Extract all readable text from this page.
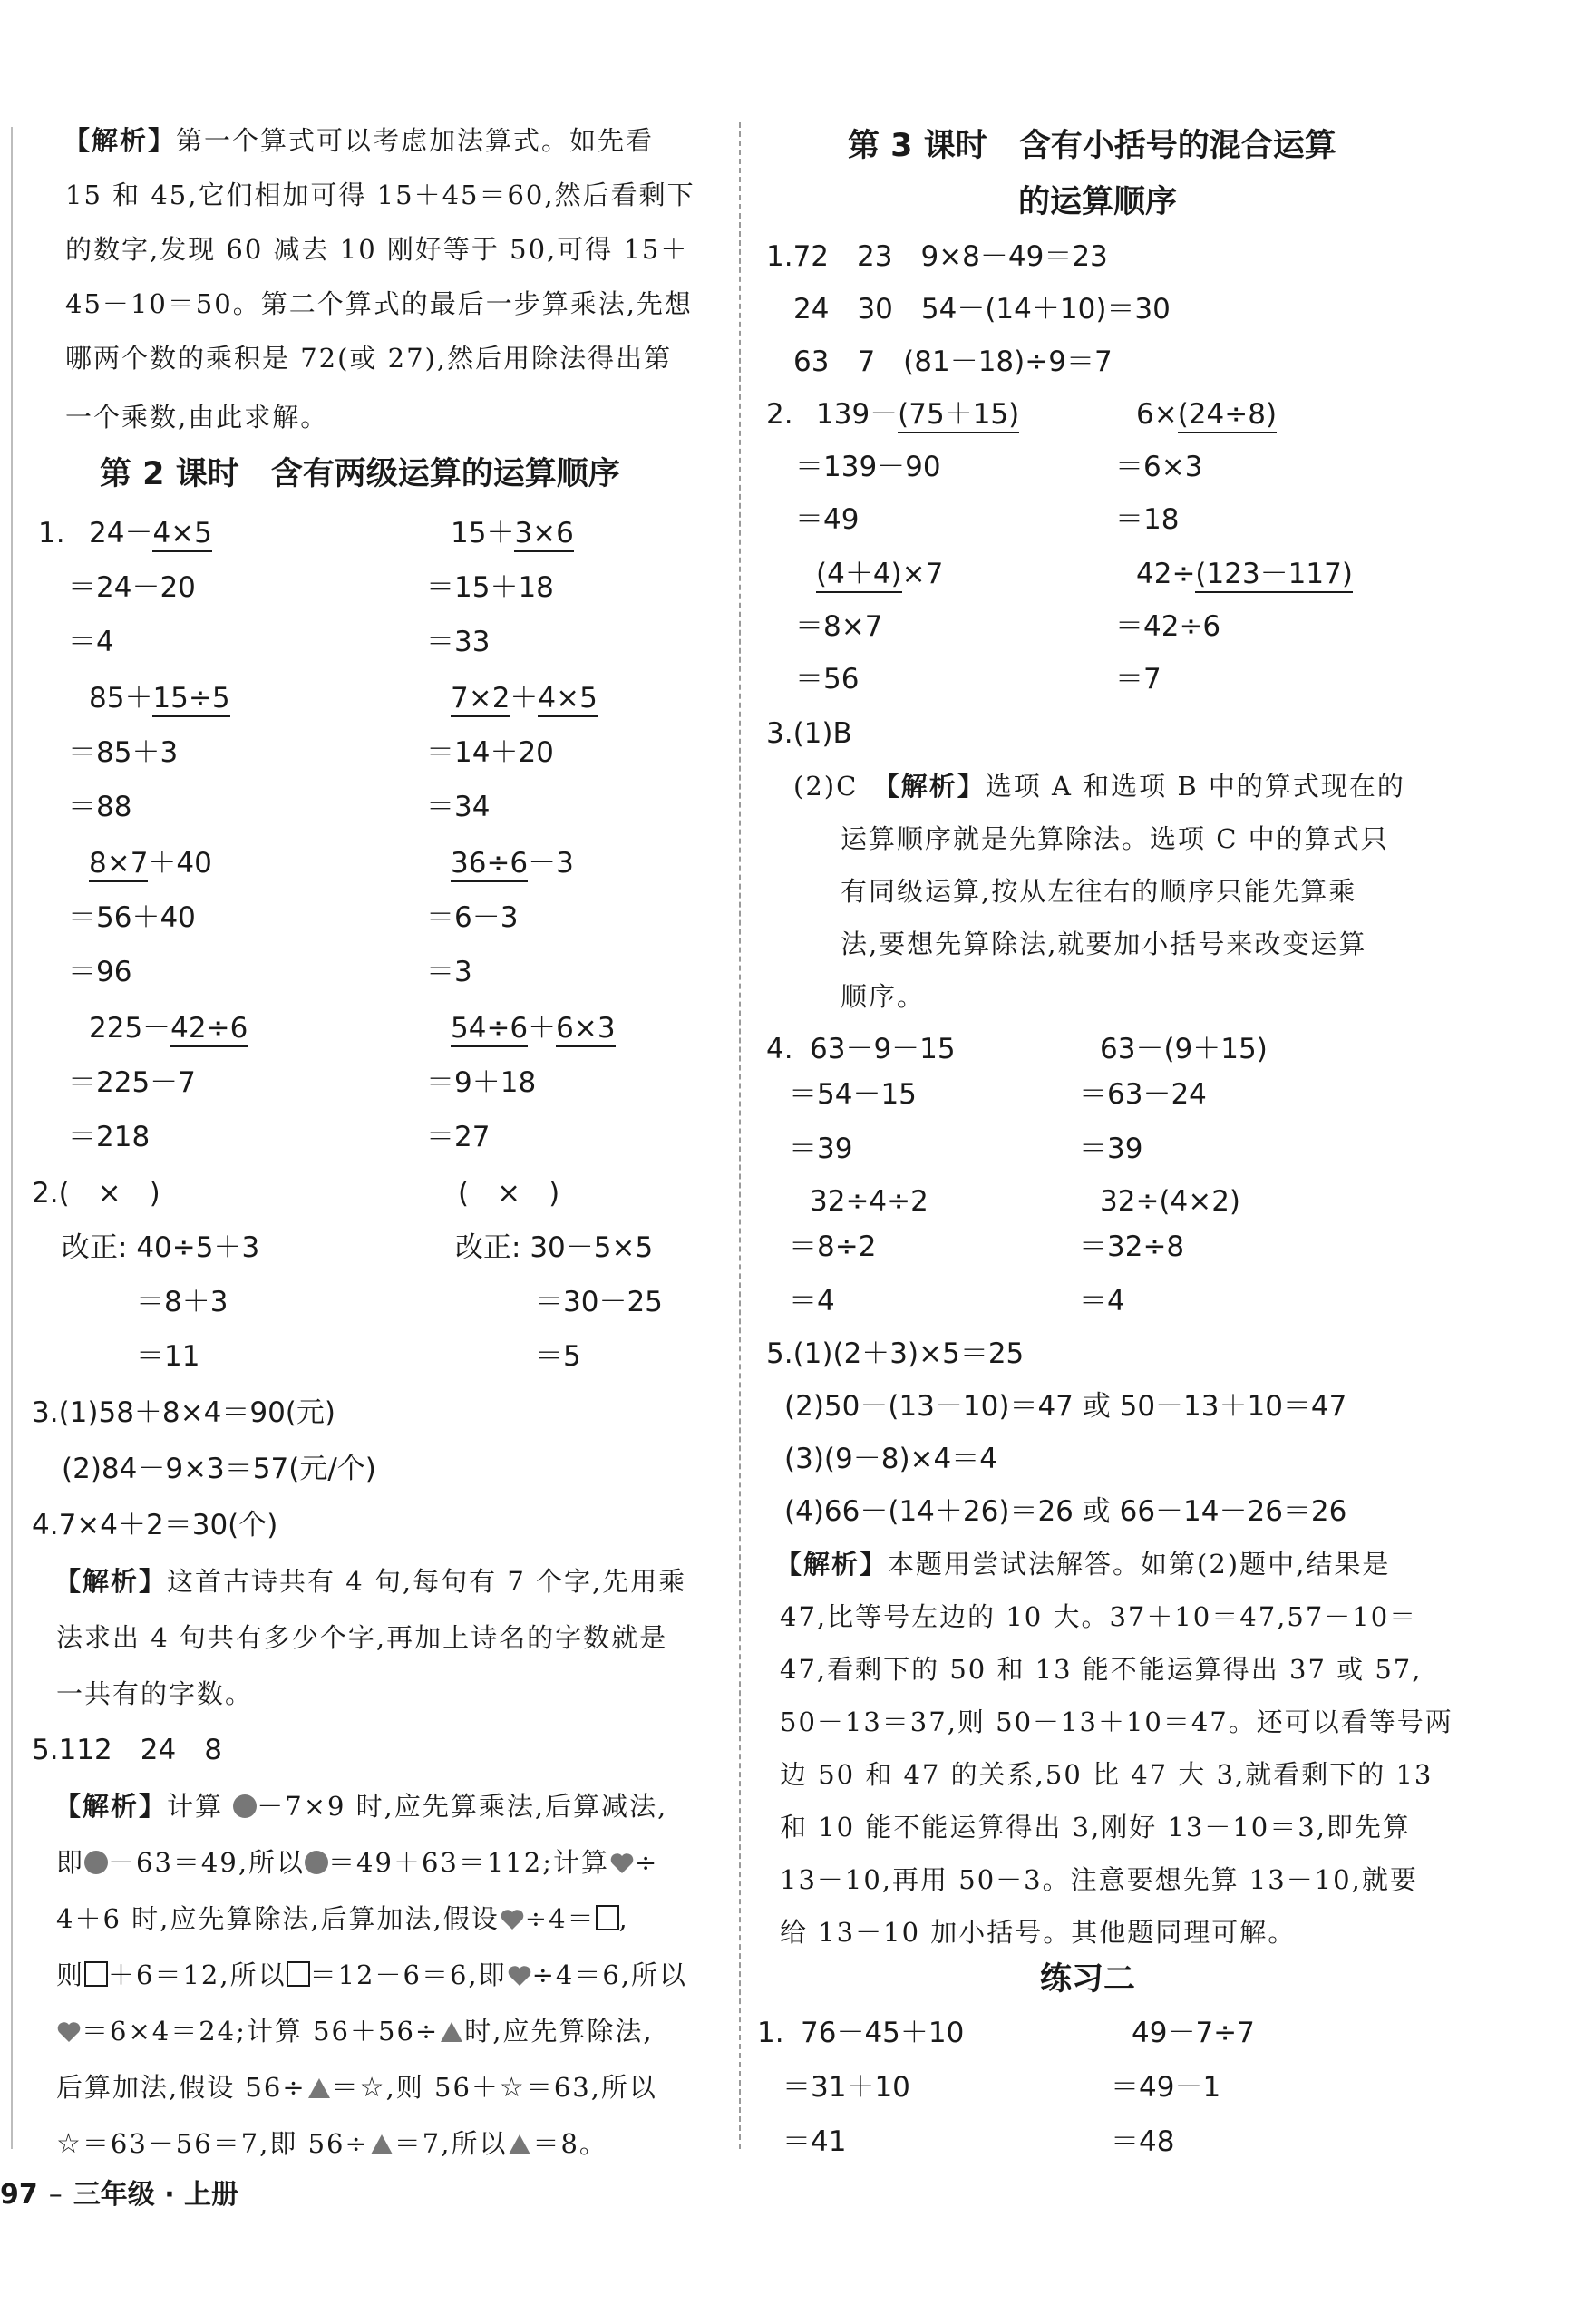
【解析】第一个算式可以考虑加法算式。如先看
15 和 45,它们相加可得 15＋45＝60,然后看剩下
的数字,发现 60 减去 10 刚好等于 50,可得 15＋
45－10＝50。第二个算式的最后一步算乘法,先想
哪两个数的乘积是 72(或 27),然后用除法得出第
一个乘数,由此求解。
第 2 课时　含有两级运算的运算顺序
1. 24－4×5
＝24－20
＝4
15＋3×6
＝15＋18
＝33
85＋15÷5
＝85＋3
＝88
7×2＋4×5
＝14＋20
＝34
8×7＋40
＝56＋40
＝96
36÷6－3
＝6－3
＝3
225－42÷6
＝225－7
＝218
54÷6＋6×3
＝9＋18
＝27
2.(　×　)	(　×　)
改正: 40÷5＋3
＝8＋3
＝11
改正: 30－5×5
＝30－25
＝5
3.(1)58＋8×4＝90(元)
(2)84－9×3＝57(元/个)
4.7×4＋2＝30(个)
【解析】这首古诗共有 4 句,每句有 7 个字,先用乘
法求出 4 句共有多少个字,再加上诗名的字数就是
一共有的字数。
5.112　24　8
【解析】计算 －7×9 时,应先算乘法,后算减法,
即 －63＝49,所以 ＝49＋63＝112;计算 ÷
4＋6 时,应先算除法,后算加法,假设 ÷4＝ ,
则 ＋6＝12,所以 ＝12－6＝6,即 ÷4＝6,所以
＝6×4＝24;计算 56＋56÷ 时,应先算除法,
后算加法,假设 56÷ ＝☆,则 56＋☆＝63,所以
☆＝63－56＝7,即 56÷ ＝7,所以 ＝8。
97 – 三年级 · 上册
第 3 课时　含有小括号的混合运算
的运算顺序
1.72　23　9×8－49＝23
24　30　54－(14＋10)＝30
63　7　(81－18)÷9＝7
2. 139－(75＋15)
＝139－90
＝49
6×(24÷8)
＝6×3
＝18
(4＋4)×7
＝8×7
＝56
42÷(123－117)
＝42÷6
＝7
3.(1)B
(2)C　【解析】选项 A 和选项 B 中的算式现在的
运算顺序就是先算除法。选项 C 中的算式只
有同级运算,按从左往右的顺序只能先算乘
法,要想先算除法,就要加小括号来改变运算
顺序。
4. 63－9－15
＝54－15
＝39
63－(9＋15)
＝63－24
＝39
32÷4÷2
＝8÷2
＝4
32÷(4×2)
＝32÷8
＝4
5.(1)(2＋3)×5＝25
(2)50－(13－10)＝47 或 50－13＋10＝47
(3)(9－8)×4＝4
(4)66－(14＋26)＝26 或 66－14－26＝26
【解析】本题用尝试法解答。如第(2)题中,结果是
47,比等号左边的 10 大。37＋10＝47,57－10＝
47,看剩下的 50 和 13 能不能运算得出 37 或 57,
50－13＝37,则 50－13＋10＝47。还可以看等号两
边 50 和 47 的关系,50 比 47 大 3,就看剩下的 13
和 10 能不能运算得出 3,刚好 13－10＝3,即先算
13－10,再用 50－3。注意要想先算 13－10,就要
给 13－10 加小括号。其他题同理可解。
练习二
1. 76－45＋10
＝31＋10
＝41
49－7÷7
＝49－1
＝48
